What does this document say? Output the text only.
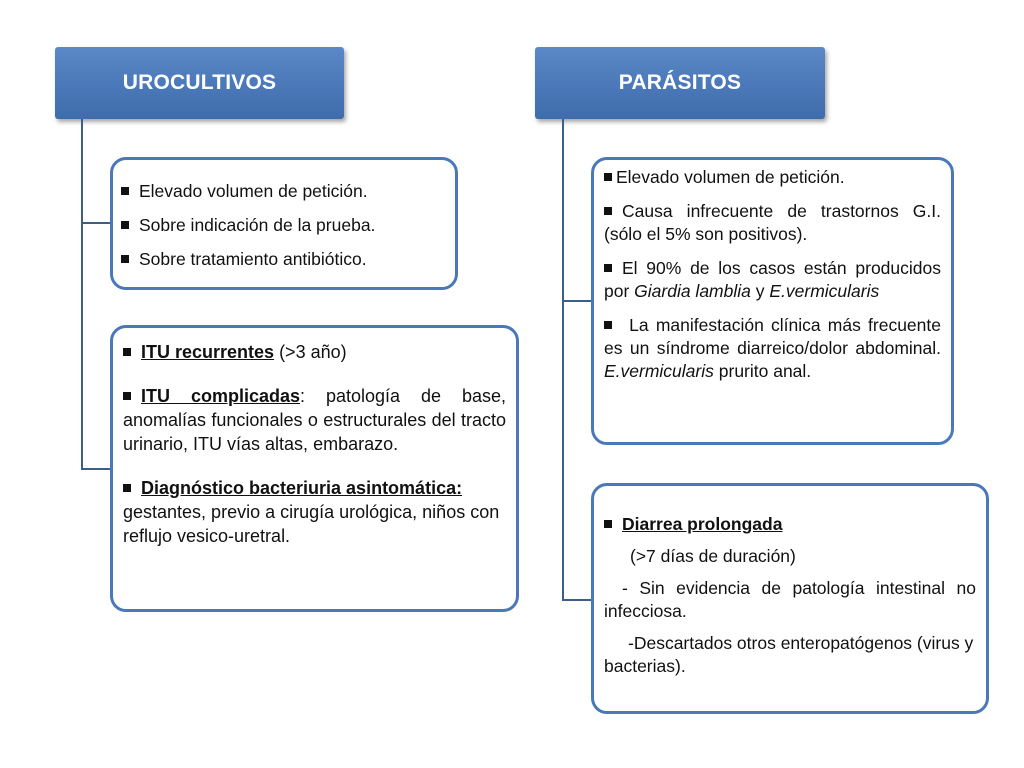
UROCULTIVOS	PARÁSITOS
Elevado volumen de petición.
Sobre indicación de la prueba.
Sobre tratamiento antibiótico.

ITU recurrentes (>3 año)

ITU complicadas: patología de base, anomalías funcionales o estructurales del tracto urinario, ITU vías altas, embarazo.

Diagnóstico bacteriuria asintomática: gestantes, previo a cirugía urológica, niños con reflujo vesico-uretral.

Elevado volumen de petición.

Causa infrecuente de trastornos G.I.(sólo el 5% son positivos).

El 90% de los casos están producidos por Giardia lamblia y E.vermicularis

La manifestación clínica más frecuente es un síndrome diarreico/dolor abdominal. E.vermicularis prurito anal.

Diarrea prolongada

(>7 días de duración)

- Sin evidencia de patología intestinal no infecciosa.

-Descartados otros enteropatógenos (virus y bacterias).
